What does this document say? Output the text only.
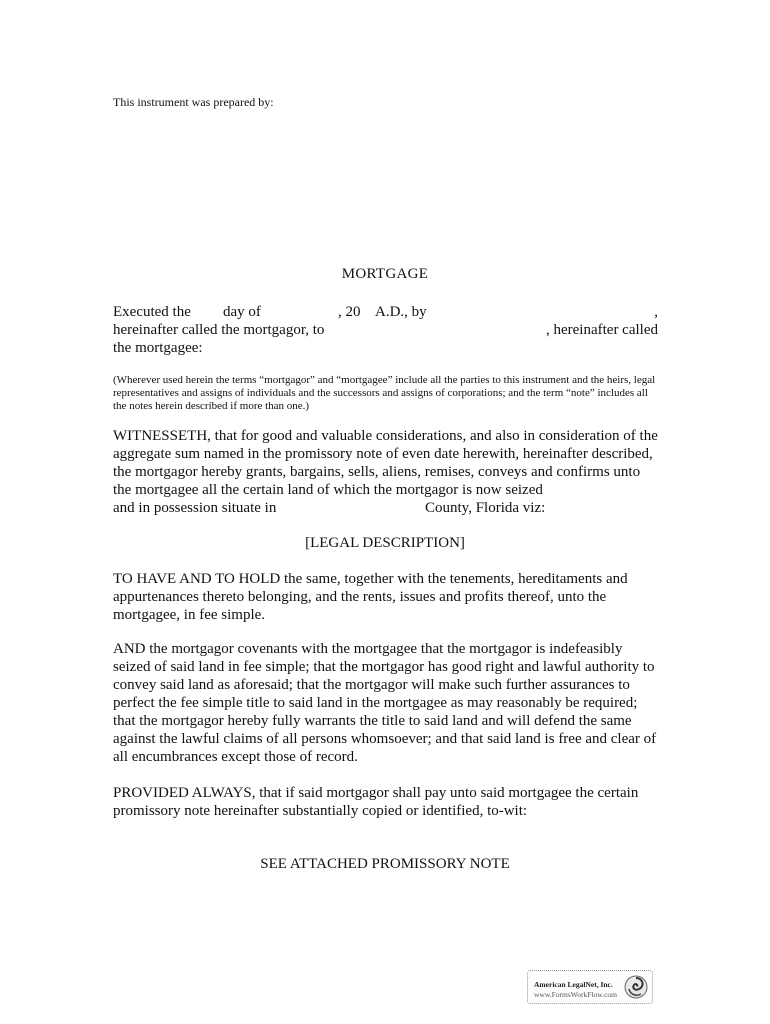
This instrument was prepared by:
MORTGAGE
Executed the day of	, 20 A.D., by	,
hereinafter called the mortgagor, to	, hereinafter called
the mortgagee:
(Wherever used herein the terms “mortgagor” and “mortgagee” include all the parties to this instrument and the heirs, legal representatives and assigns of individuals and the successors and assigns of corporations; and the term “note” includes all the notes herein described if more than one.)
WITNESSETH, that for good and valuable considerations, and also in consideration of the aggregate sum named in the promissory note of even date herewith, hereinafter described, the mortgagor hereby grants, bargains, sells, aliens, remises, conveys and confirms unto the mortgagee all the certain land of which the mortgagor is now seized
and in possession situate in	County, Florida viz:
[LEGAL DESCRIPTION]
TO HAVE AND TO HOLD the same, together with the tenements, hereditaments and appurtenances thereto belonging, and the rents, issues and profits thereof, unto the mortgagee, in fee simple.
AND the mortgagor covenants with the mortgagee that the mortgagor is indefeasibly seized of said land in fee simple; that the mortgagor has good right and lawful authority to convey said land as aforesaid; that the mortgagor will make such further assurances to perfect the fee simple title to said land in the mortgagee as may reasonably be required; that the mortgagor hereby fully warrants the title to said land and will defend the same against the lawful claims of all persons whomsoever; and that said land is free and clear of all encumbrances except those of record.
PROVIDED ALWAYS, that if said mortgagor shall pay unto said mortgagee the certain promissory note hereinafter substantially copied or identified, to-wit:
SEE ATTACHED PROMISSORY NOTE
American LegalNet, Inc.
www.FormsWorkFlow.com
